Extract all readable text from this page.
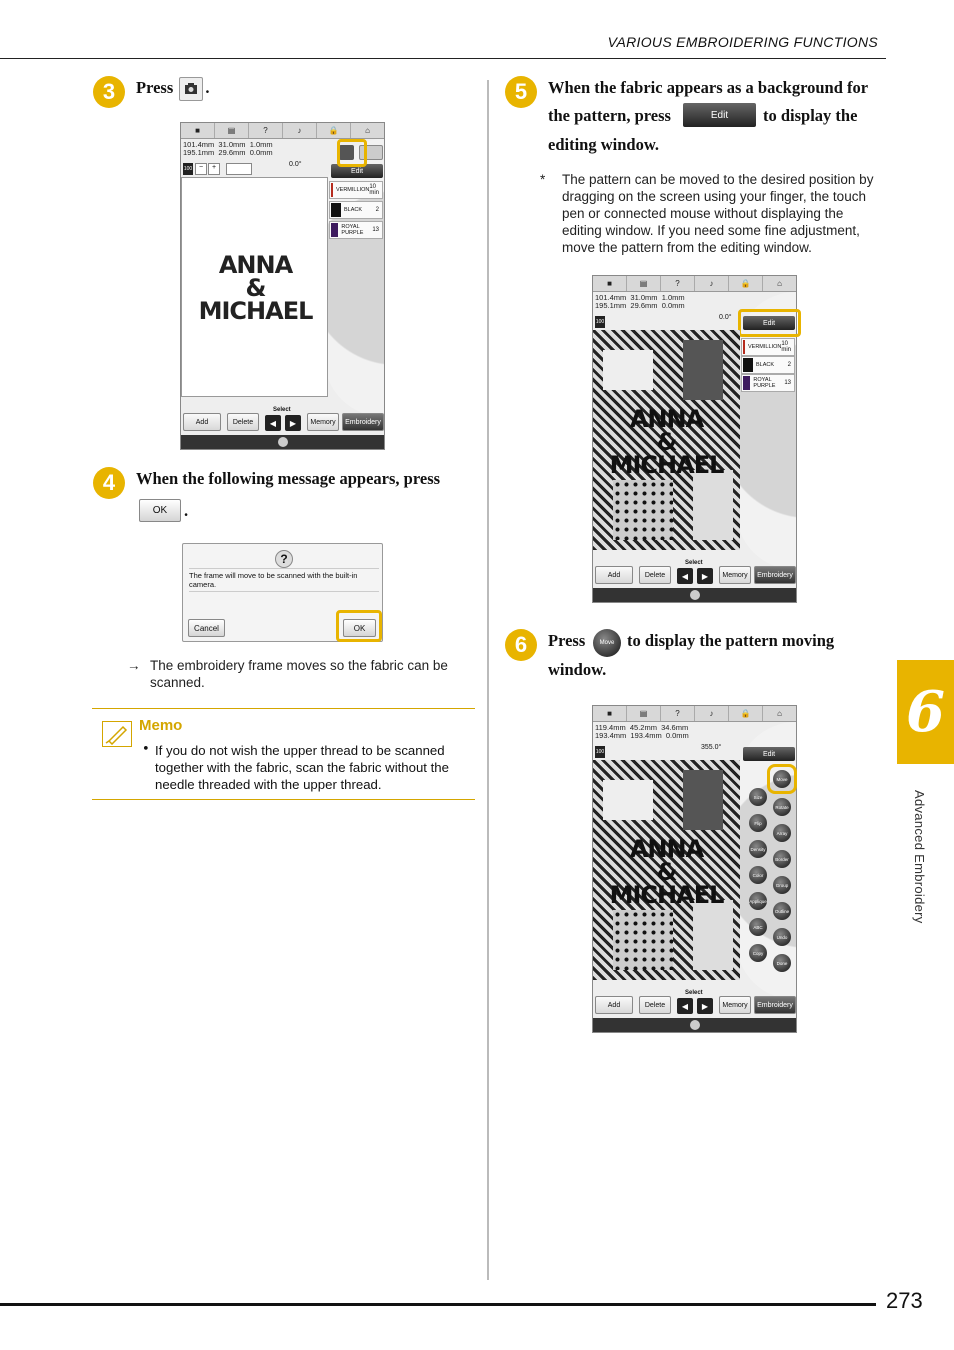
VARIOUS EMBROIDERING FUNCTIONS
3	Press .
■	▤	?	♪	🔒	⌂
101.4mm  31.0mm  1.0mm
195.1mm  29.6mm  0.0mm
0.0°
100 −	+	Edit
ANNA
&
MICHAEL
VERMILLION 10 min
BLACK 2
ROYAL PURPLE	13
Add	Delete
Select
◀	▶	Memory	Embroidery
4	When the following message appears, press
OK	.
?
The frame will move to be scanned with the built-in camera.
Cancel	OK
→ The embroidery frame moves so the fabric can be scanned.
Memo
• If you do not wish the upper thread to be scanned together with the fabric, scan the fabric without the needle threaded with the upper thread.
5	When the fabric appears as a background for
the pattern, press	Edit	to display the
editing window.
* The pattern can be moved to the desired position by dragging on the screen using your finger, the touch pen or connected mouse without displaying the editing window. If you need some fine adjustment, move the pattern from the editing window.
■	▤	?	♪	🔒	⌂
101.4mm  31.0mm  1.0mm
195.1mm  29.6mm  0.0mm
0.0°
100	Edit
ANNA
&
MICHAEL
VERMILLION 10 min
BLACK 2
ROYAL PURPLE	13
Add	Delete
Select
◀	▶	Memory	Embroidery
6	Press	Move to display the pattern moving
window.
■	▤	?	♪	🔒	⌂
119.4mm  45.2mm  34.6mm
193.4mm  193.4mm  0.0mm
355.0°
100	Edit
ANNA
&
MICHAEL
Move
Size
Rotate
Flip
Array
Density
Border
Color
Group
Applique
Outline
ABC
Undo
Copy
Done
Add	Delete
Select
◀	▶	Memory	Embroidery
6
Advanced Embroidery
273
